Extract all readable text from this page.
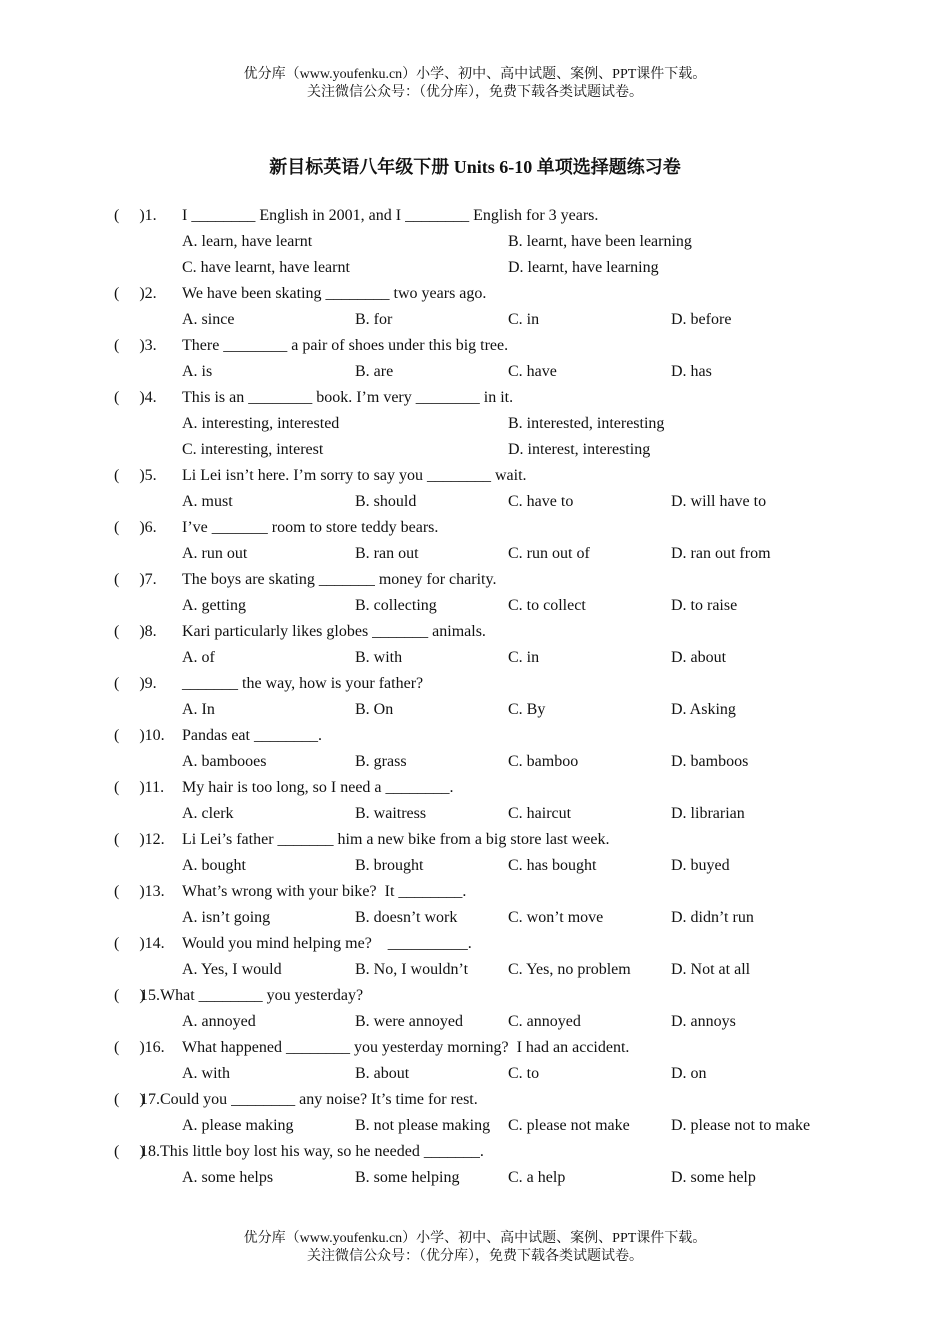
优分库（www.youfenku.cn）小学、初中、高中试题、案例、PPT课件下载。
关注微信公众号：（优分库），免费下载各类试题试卷。
新目标英语八年级下册 Units 6-10 单项选择题练习卷
(     )1. I ________ English in 2001, and I ________ English for 3 years.
A. learn, have learnt	B. learnt, have been learning
C. have learnt, have learnt	D. learnt, have learning
(     )2. We have been skating ________ two years ago.
A. since	B. for	C. in	D. before
(     )3. There ________ a pair of shoes under this big tree.
A. is	B. are	C. have	D. has
(     )4. This is an ________ book. I’m very ________ in it.
A. interesting, interested	B. interested, interesting
C. interesting, interest	D. interest, interesting
(     )5. Li Lei isn’t here. I’m sorry to say you ________ wait.
A. must	B. should	C. have to	D. will have to
(     )6. I’ve _______ room to store teddy bears.
A. run out	B. ran out	C. run out of	D. ran out from
(     )7. The boys are skating _______ money for charity.
A. getting	B. collecting	C. to collect	D. to raise
(     )8. Kari particularly likes globes _______ animals.
A. of	B. with	C. in	D. about
(     )9. _______ the way, how is your father?
A. In	B. On	C. By	D. Asking
(     )10. Pandas eat ________.
A. bambooes	B. grass	C. bamboo	D. bamboos
(     )11. My hair is too long, so I need a ________.
A. clerk	B. waitress	C. haircut	D. librarian
(     )12. Li Lei’s father _______ him a new bike from a big store last week.
A. bought	B. brought	C. has bought	D. buyed
(     )13. What’s wrong with your bike?  It ________.
A. isn’t going	B. doesn’t work	C. won’t move	D. didn’t run
(     )14. Would you mind helping me?    __________.
A. Yes, I would	B. No, I wouldn’t C. Yes, no problem	D. Not at all
(     )
15.What ________ you yesterday?
A. annoyed	B. were annoyed	C. annoyed	D. annoys
(     )16. What happened ________ you yesterday morning?  I had an accident.
A. with	B. about	C. to	D. on
(     )
17.Could you ________ any noise? It’s time for rest.
A. please making	B. not please making C. please not make	D. please not to make
(     )
18.This little boy lost his way, so he needed _______.
A. some helps	B. some helping	C. a help	D. some help
优分库（www.youfenku.cn）小学、初中、高中试题、案例、PPT课件下载。
关注微信公众号：（优分库），免费下载各类试题试卷。
